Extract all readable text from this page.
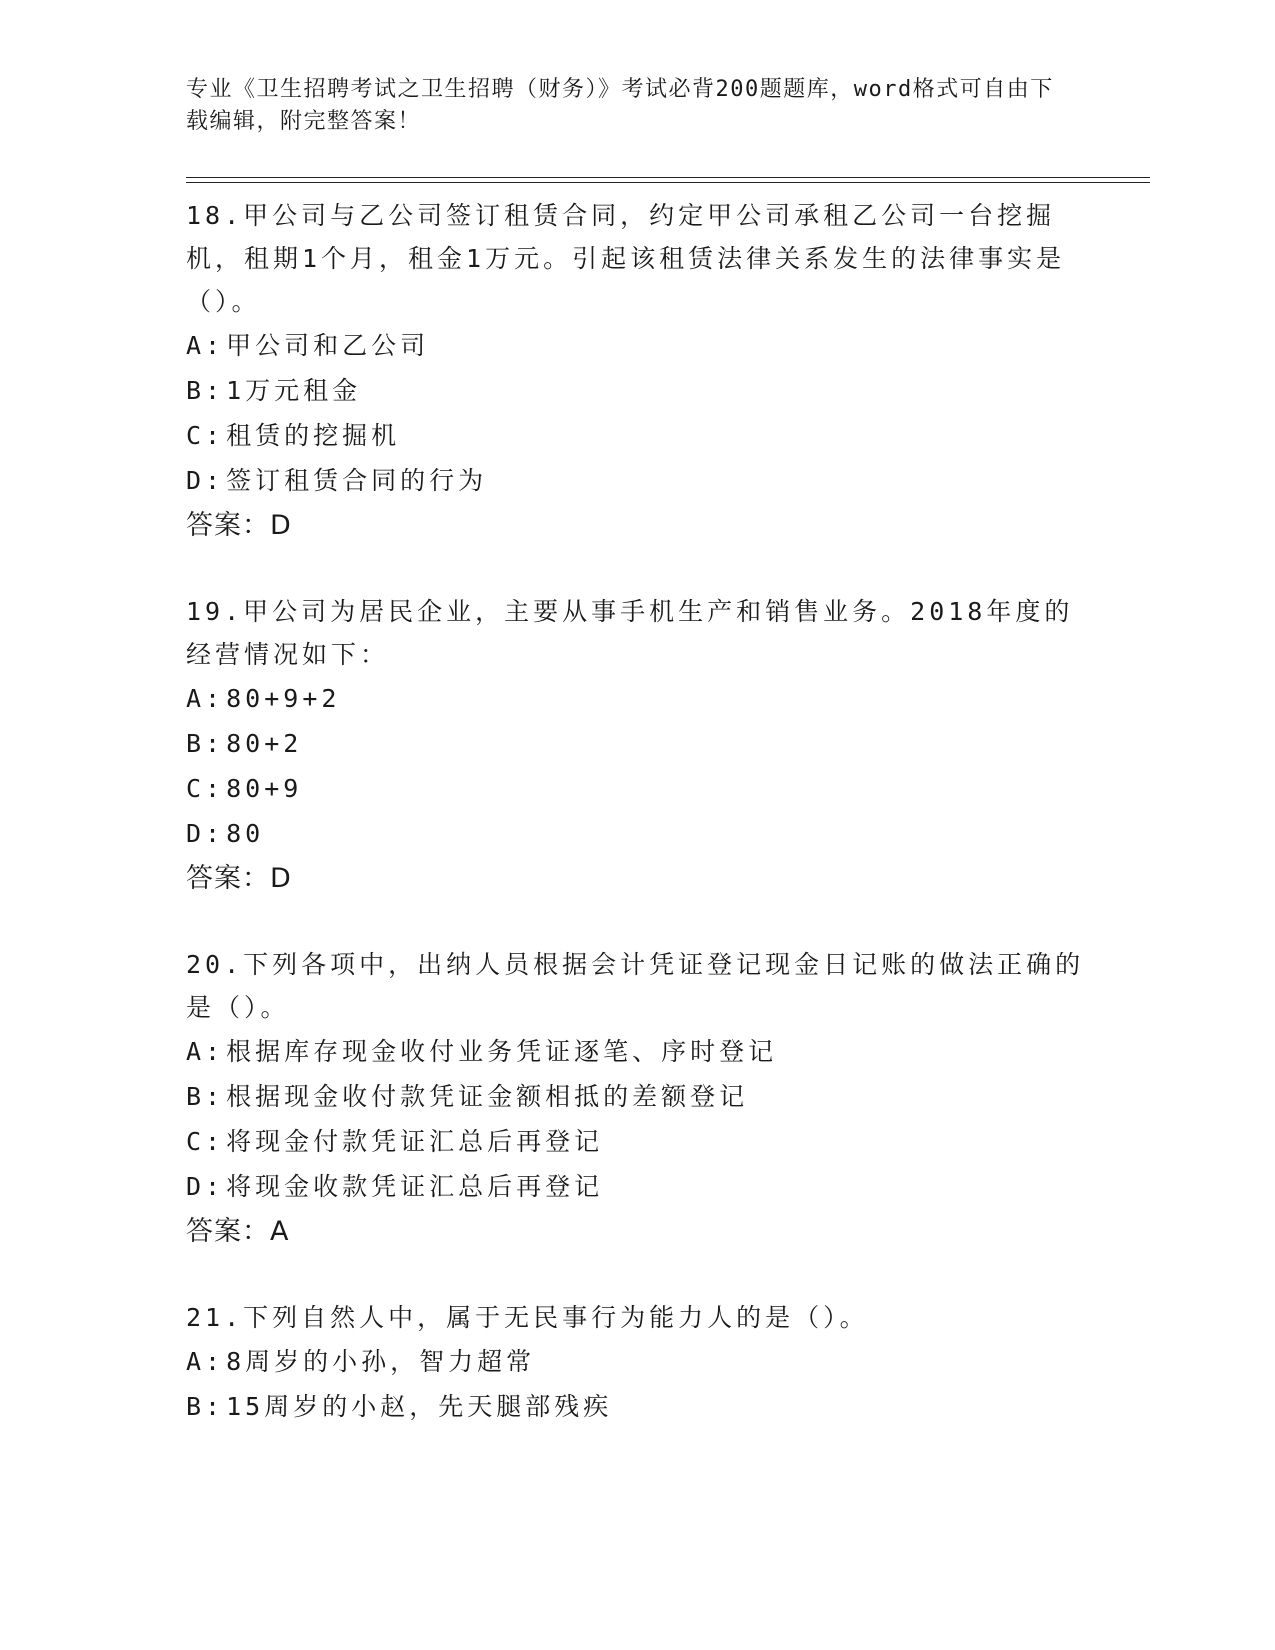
专业《卫生招聘考试之卫生招聘（财务）》考试必背200题题库，word格式可自由下载编辑，附完整答案！

18.甲公司与乙公司签订租赁合同，约定甲公司承租乙公司一台挖掘机，租期1个月，租金1万元。引起该租赁法律关系发生的法律事实是（）。

A:甲公司和乙公司

B:1万元租金

C:租赁的挖掘机

D:签订租赁合同的行为

答案：D

19.甲公司为居民企业，主要从事手机生产和销售业务。2018年度的经营情况如下：

A:80+9+2

B:80+2

C:80+9

D:80

答案：D

20.下列各项中，出纳人员根据会计凭证登记现金日记账的做法正确的是（）。

A:根据库存现金收付业务凭证逐笔、序时登记

B:根据现金收付款凭证金额相抵的差额登记

C:将现金付款凭证汇总后再登记

D:将现金收款凭证汇总后再登记

答案：A

21.下列自然人中，属于无民事行为能力人的是（）。

A:8周岁的小孙，智力超常

B:15周岁的小赵，先天腿部残疾
